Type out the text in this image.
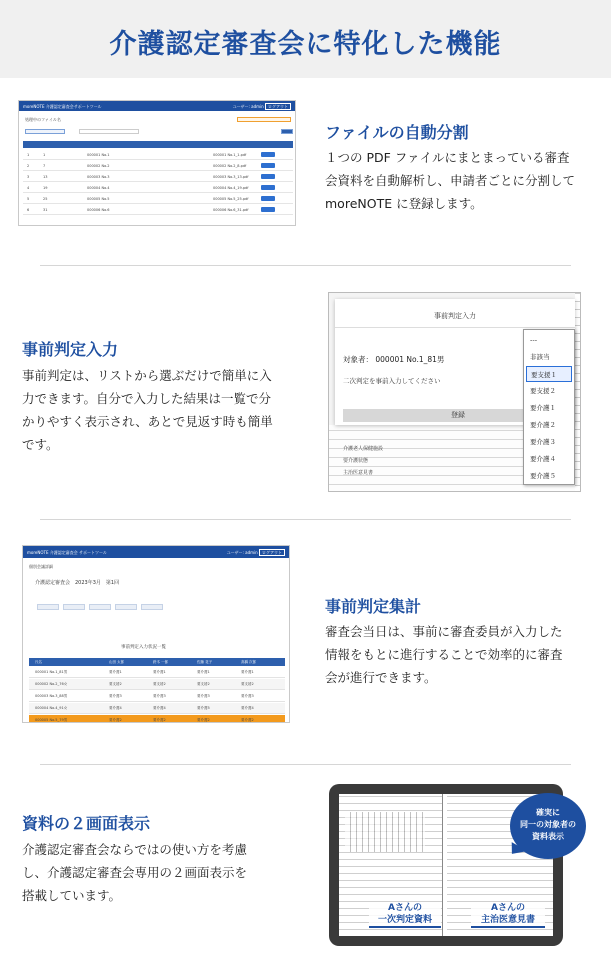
介護認定審査会に特化した機能
moreNOTE 介護認定審査会サポートツール	ユーザー: admin ログアウト
処理中のファイル名
1	1	000001 No.1	000001 No.1_1.pdf
2	7	000002 No.2	000002 No.2_8.pdf
3	13	000003 No.3	000003 No.3_13.pdf
4	19	000004 No.4	000004 No.4_19.pdf
5	25	000005 No.5	000005 No.5_25.pdf
6	31	000006 No.6	000006 No.6_31.pdf
ファイルの自動分割
１つの PDF ファイルにまとまっている審査
会資料を自動解析し、申請者ごとに分割して
moreNOTE に登録します。
事前判定入力
事前判定は、リストから選ぶだけで簡単に入
力できます。自分で入力した結果は一覧で分
かりやすく表示され、あとで見返す時も簡単
です。	介護老人保健施設
要介護状態
主治医意見書
事前判定入力
対象者： 000001 No.1_81男
二次判定を事前入力してください
登録
---
非該当
要支援１
要支援２
要介護１
要介護２
要介護３
要介護４
要介護５
moreNOTE 介護認定審査会 サポートツール	ユーザー: admin ログアウト
個別会議詳細
介護認定審査会　2023年3月　第1回
事前判定入力状況一覧
氏名	山田 太郎	鈴木 一郎	佐藤 花子	高橋 次郎
000001 No.1_81男	要介護1	要介護1	要介護1	要介護1
000002 No.2_76女	要支援2	要支援2	要支援2	要支援2
000003 No.3_88男	要介護3	要介護3	要介護3	要介護3
000004 No.4_91女	要介護4	要介護4	要介護5	要介護4
000005 No.5_79男	要介護2	要介護2	要介護2	要介護2
事前判定集計
審査会当日は、事前に審査委員が入力した
情報をもとに進行することで効率的に審査
会が進行できます。
資料の２画面表示
介護認定審査会ならではの使い方を考慮
し、介護認定審査会専用の２画面表示を
搭載しています。
Aさんの
一次判定資料
Aさんの
主治医意見書
確実に
同一の対象者の
資料表示
